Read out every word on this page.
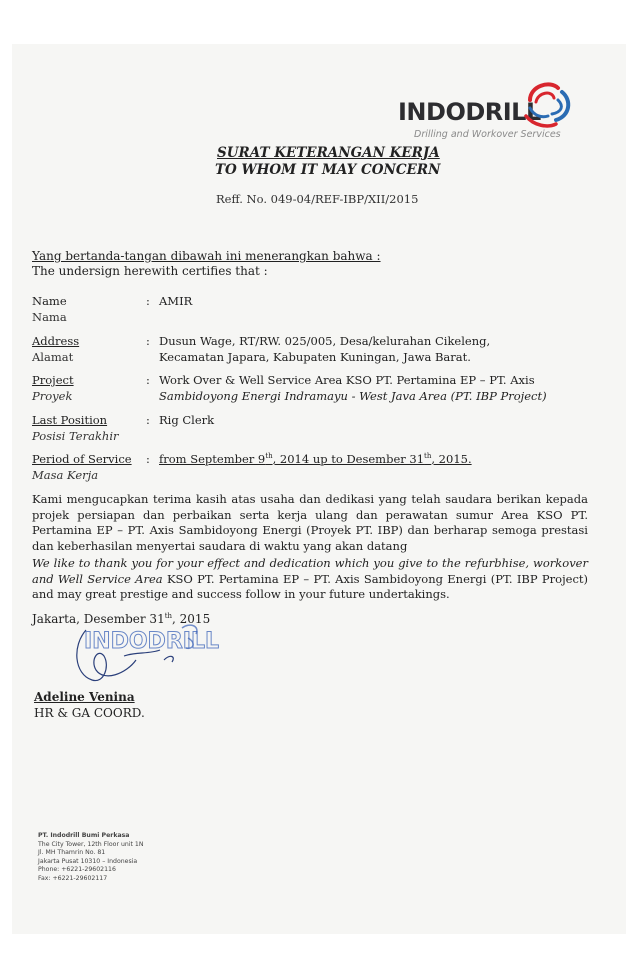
INDODRILL
Drilling and Workover Services
SURAT KETERANGAN KERJA
TO WHOM IT MAY CONCERN
Reff. No. 049-04/REF-IBP/XII/2015
Yang bertanda-tangan dibawah ini menerangkan bahwa :
The undersign herewith certifies that :
Name
Nama
: AMIR
Address
Alamat
: Dusun Wage, RT/RW. 025/005, Desa/kelurahan Cikeleng,
Kecamatan Japara, Kabupaten Kuningan, Jawa Barat.
Project
Proyek
: Work Over & Well Service Area KSO PT. Pertamina EP – PT. Axis
Sambidoyong Energi Indramayu - West Java Area (PT. IBP Project)
Last Position
Posisi Terakhir
: Rig Clerk
Period of Service
Masa Kerja
: from September 9th, 2014 up to Desember 31th, 2015.
Kami mengucapkan terima kasih atas usaha dan dedikasi yang telah saudara berikan kepada projek persiapan dan perbaikan serta kerja ulang dan perawatan sumur Area KSO PT. Pertamina EP – PT. Axis Sambidoyong Energi (Proyek PT. IBP) dan berharap semoga prestasi dan keberhasilan menyertai saudara di waktu yang akan datang
We like to thank you for your effect and dedication which you give to the refurbhise, workover and Well Service Area KSO PT. Pertamina EP – PT. Axis Sambidoyong Energi (PT. IBP Project) and may great prestige and success follow in your future undertakings.
Jakarta, Desember 31th, 2015
INDODRILL
Adeline Venina
HR & GA COORD.
PT. Indodrill Bumi Perkasa
The City Tower, 12th Floor unit 1N
Jl. MH Thamrin No. 81
Jakarta Pusat 10310 – Indonesia
Phone: +6221-29602116
Fax: +6221-29602117
